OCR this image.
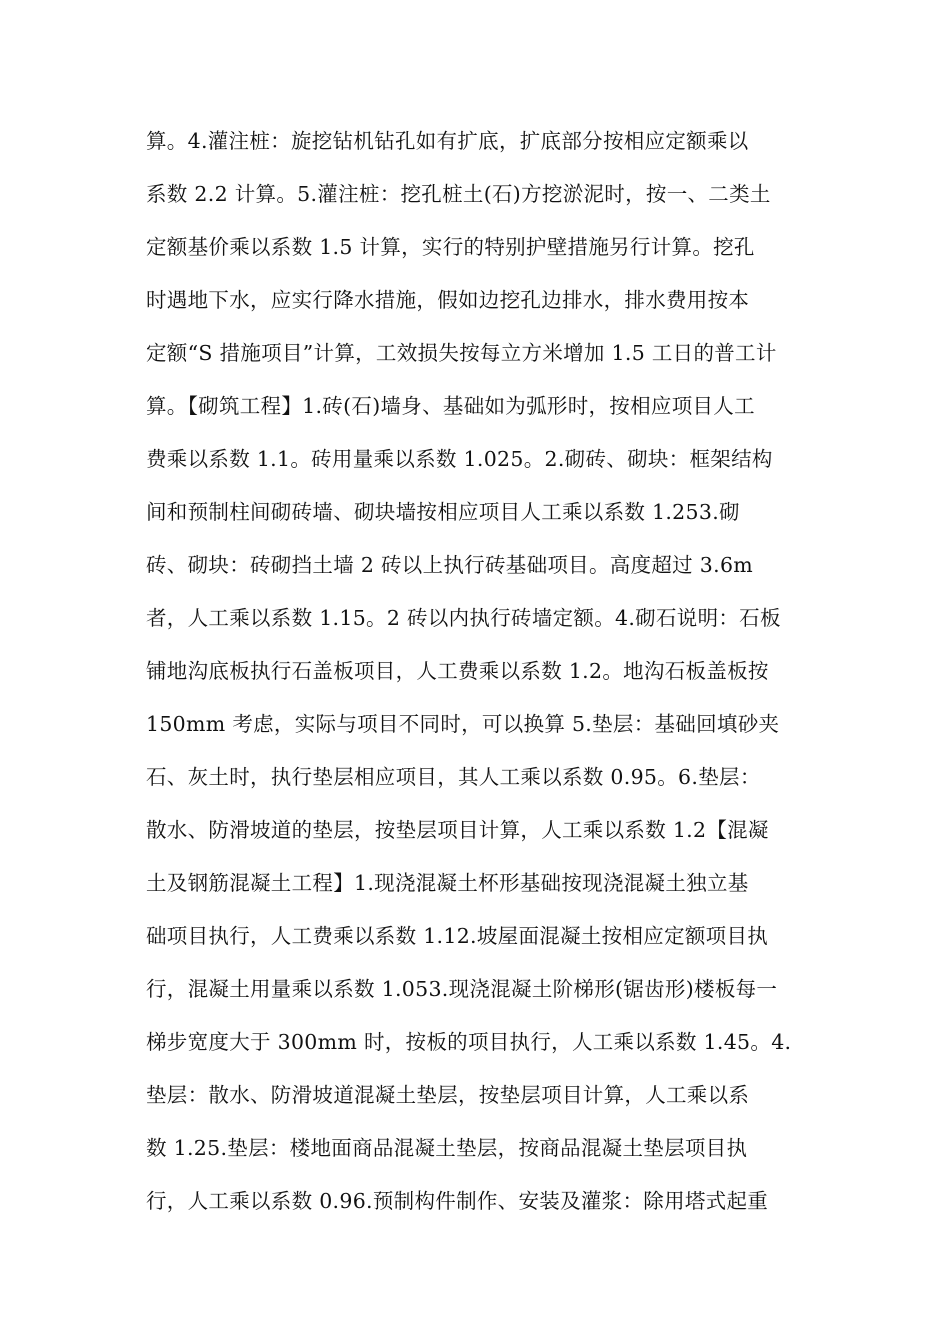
算。4.灌注桩：旋挖钻机钻孔如有扩底，扩底部分按相应定额乘以
系数 2.2 计算。5.灌注桩：挖孔桩土(石)方挖淤泥时，按一、二类土
定额基价乘以系数 1.5 计算，实行的特别护壁措施另行计算。挖孔
时遇地下水，应实行降水措施，假如边挖孔边排水，排水费用按本
定额“S 措施项目”计算，工效损失按每立方米增加 1.5 工日的普工计
算。【砌筑工程】1.砖(石)墙身、基础如为弧形时，按相应项目人工
费乘以系数 1.1。砖用量乘以系数 1.025。2.砌砖、砌块：框架结构
间和预制柱间砌砖墙、砌块墙按相应项目人工乘以系数 1.253.砌
砖、砌块：砖砌挡土墙 2 砖以上执行砖基础项目。高度超过 3.6m
者，人工乘以系数 1.15。2 砖以内执行砖墙定额。4.砌石说明：石板
铺地沟底板执行石盖板项目，人工费乘以系数 1.2。地沟石板盖板按
150mm 考虑，实际与项目不同时，可以换算 5.垫层：基础回填砂夹
石、灰土时，执行垫层相应项目，其人工乘以系数 0.95。6.垫层：
散水、防滑坡道的垫层，按垫层项目计算，人工乘以系数 1.2【混凝
土及钢筋混凝土工程】1.现浇混凝土杯形基础按现浇混凝土独立基
础项目执行，人工费乘以系数 1.12.坡屋面混凝土按相应定额项目执
行，混凝土用量乘以系数 1.053.现浇混凝土阶梯形(锯齿形)楼板每一
梯步宽度大于 300mm 时，按板的项目执行，人工乘以系数 1.45。4.
垫层：散水、防滑坡道混凝土垫层，按垫层项目计算，人工乘以系
数 1.25.垫层：楼地面商品混凝土垫层，按商品混凝土垫层项目执
行，人工乘以系数 0.96.预制构件制作、安装及灌浆：除用塔式起重
